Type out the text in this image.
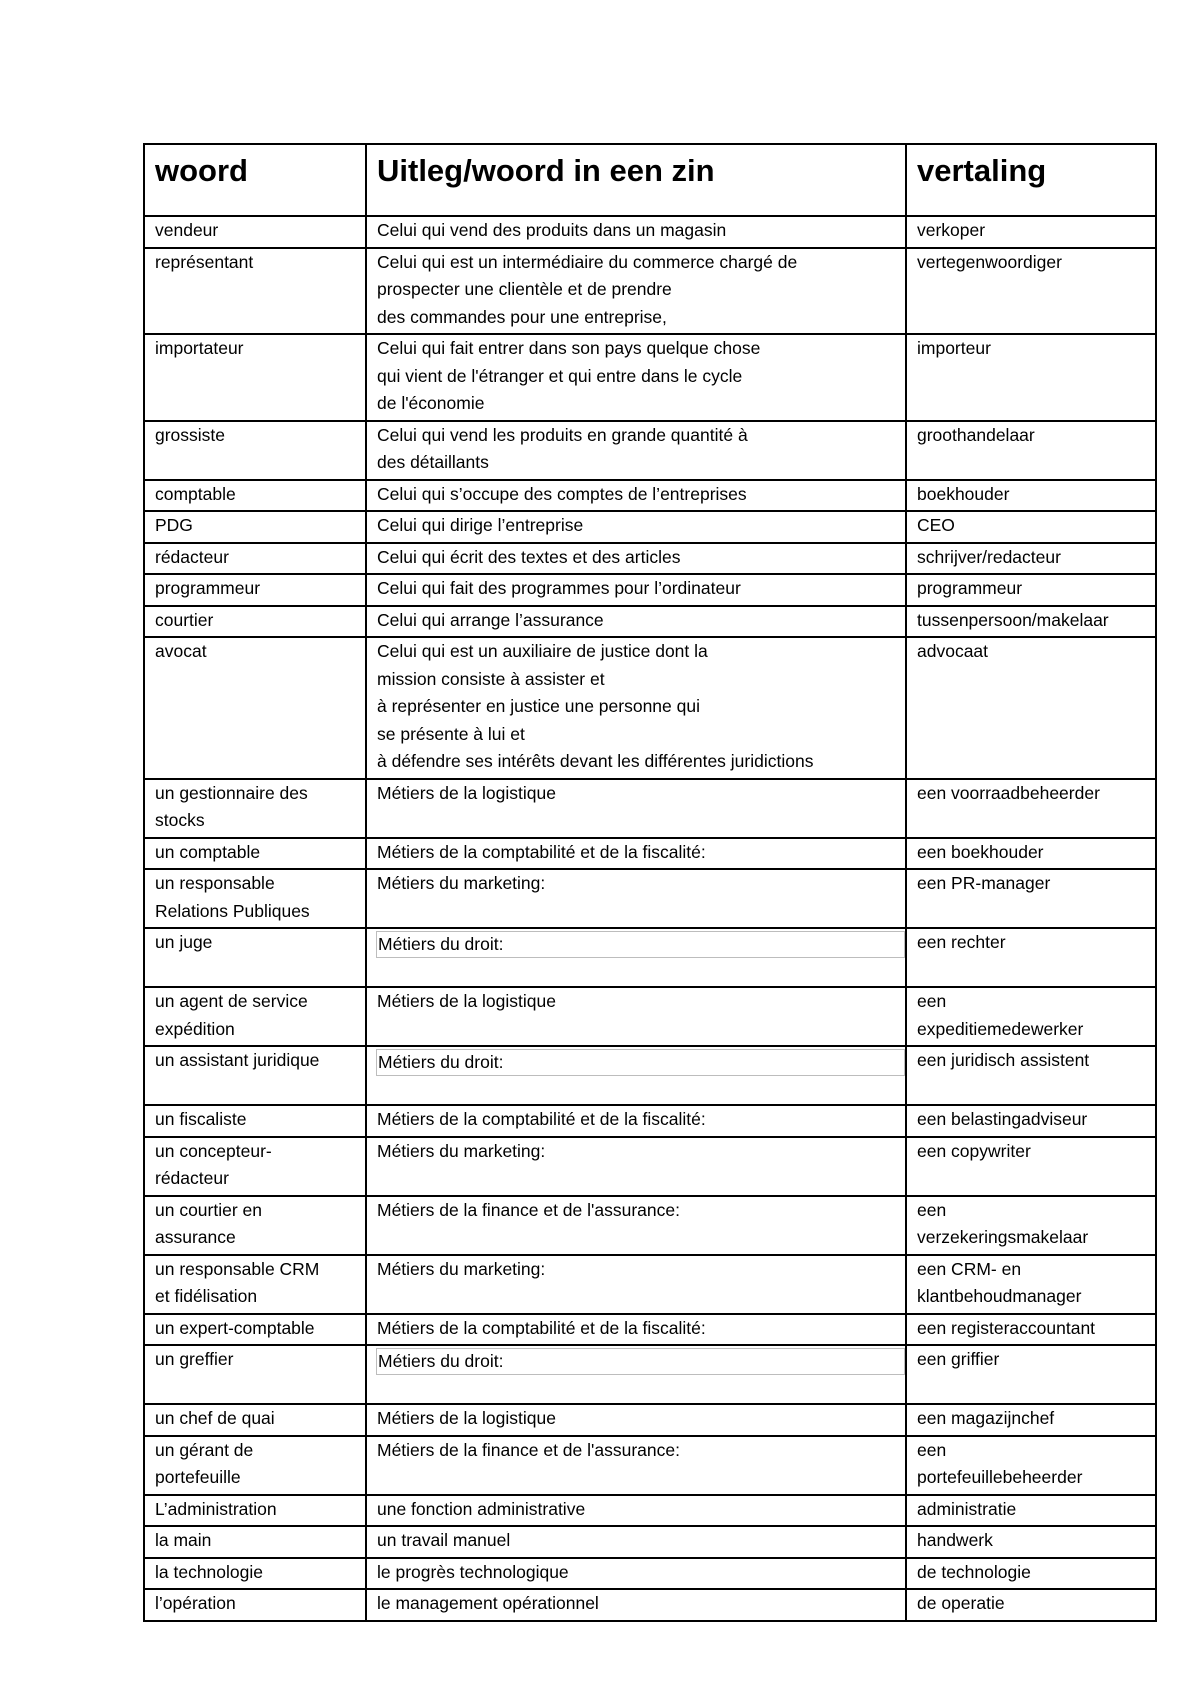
woord	Uitleg/woord in een zin	vertaling

vendeur	Celui qui vend des produits dans un magasin	verkoper

représentant	Celui qui est un intermédiaire du commerce chargé de
prospecter une clientèle et de prendre
des commandes pour une entreprise,	vertegenwoordiger

importateur	Celui qui fait entrer dans son pays quelque chose
qui vient de l'étranger et qui entre dans le cycle
de l'économie	importeur

grossiste	Celui qui vend les produits en grande quantité à
des détaillants	groothandelaar

comptable	Celui qui s’occupe des comptes de l’entreprises	boekhouder

PDG	Celui qui dirige l’entreprise	CEO

rédacteur	Celui qui écrit des textes et des articles	schrijver/redacteur

programmeur	Celui qui fait des programmes pour l’ordinateur	programmeur

courtier	Celui qui arrange l’assurance	tussenpersoon/makelaar

avocat	Celui qui est un auxiliaire de justice dont la
mission consiste à assister et
à représenter en justice une personne qui
se présente à lui et
à défendre ses intérêts devant les différentes juridictions	advocaat

un gestionnaire des
stocks	Métiers de la logistique	een voorraadbeheerder

un comptable	Métiers de la comptabilité et de la fiscalité:	een boekhouder

un responsable
Relations Publiques	Métiers du marketing:	een PR-manager

un juge	Métiers du droit:	een rechter

un agent de service
expédition	Métiers de la logistique	een
expeditiemedewerker

un assistant juridique	Métiers du droit:	een juridisch assistent

un fiscaliste	Métiers de la comptabilité et de la fiscalité:	een belastingadviseur

un concepteur-
rédacteur	Métiers du marketing:	een copywriter

un courtier en
assurance	Métiers de la finance et de l'assurance:	een
verzekeringsmakelaar

un responsable CRM
et fidélisation	Métiers du marketing:	een CRM- en
klantbehoudmanager

un expert-comptable	Métiers de la comptabilité et de la fiscalité:	een registeraccountant

un greffier	Métiers du droit:	een griffier

un chef de quai	Métiers de la logistique	een magazijnchef

un gérant de
portefeuille	Métiers de la finance et de l'assurance:	een
portefeuillebeheerder

L’administration	une fonction administrative	administratie

la main	un travail manuel	handwerk

la technologie	le progrès technologique	de technologie

l’opération	le management opérationnel	de operatie
